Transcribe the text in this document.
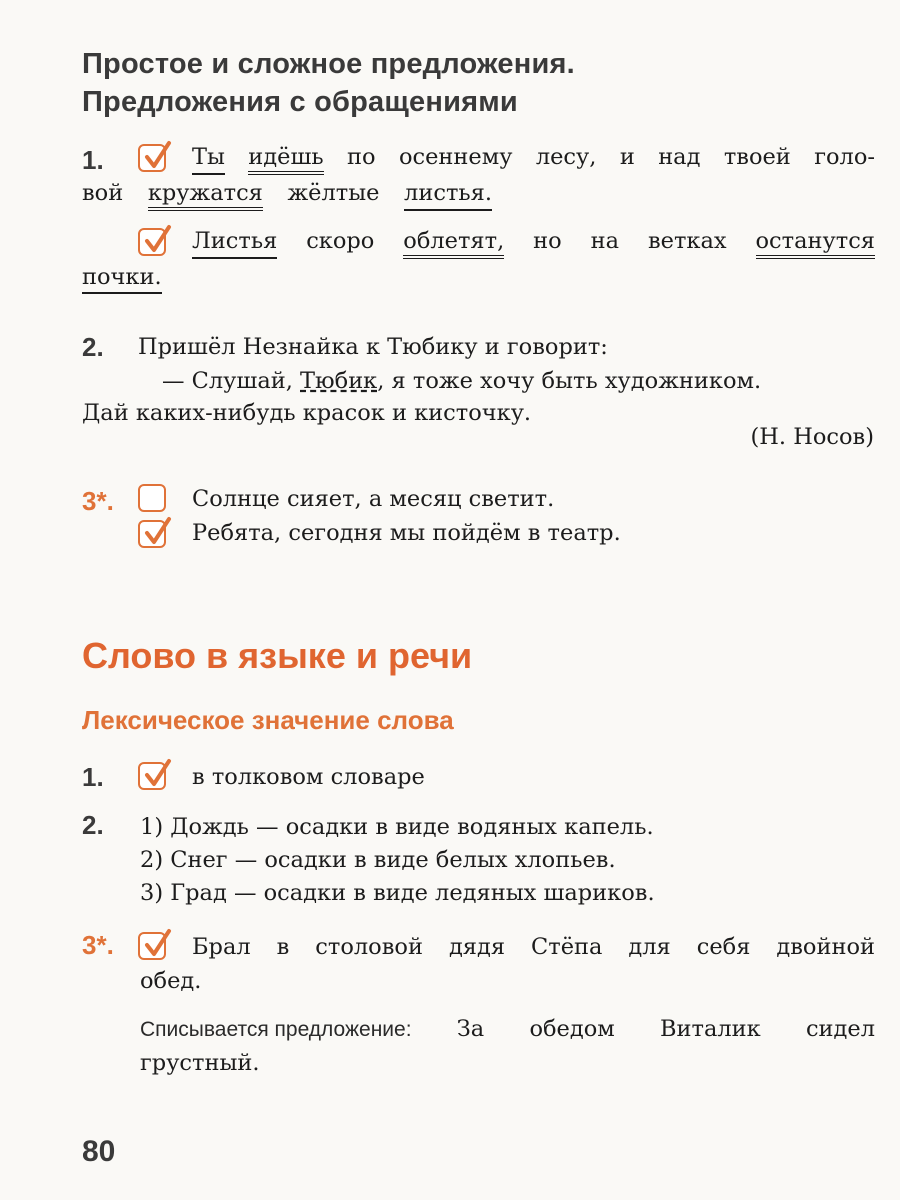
Простое и сложное предложения.
Предложения с обращениями
1.	Ты идёшь по осеннему лесу, и над твоей голо-
вой кружатся жёлтые листья.
Листья скоро облетят, но на ветках останутся
почки.
2. Пришёл Незнайка к Тюбику и говорит:
— Слушай,
Тюбик , я тоже хочу быть художником.
Дай каких-нибудь красок и кисточку.
(Н. Носов)
3*.	Солнце сияет, а месяц светит.
Ребята, сегодня мы пойдём в театр.
Слово в языке и речи
Лексическое значение слова
1.	в толковом словаре
2. 1) Дождь — осадки в виде водяных капель.
2) Снег — осадки в виде белых хлопьев.
3) Град — осадки в виде ледяных шариков.
3*.	Брал в столовой дядя Стёпа для себя двойной
обед.
Списывается предложение: За обедом Виталик сидел
грустный.
80
